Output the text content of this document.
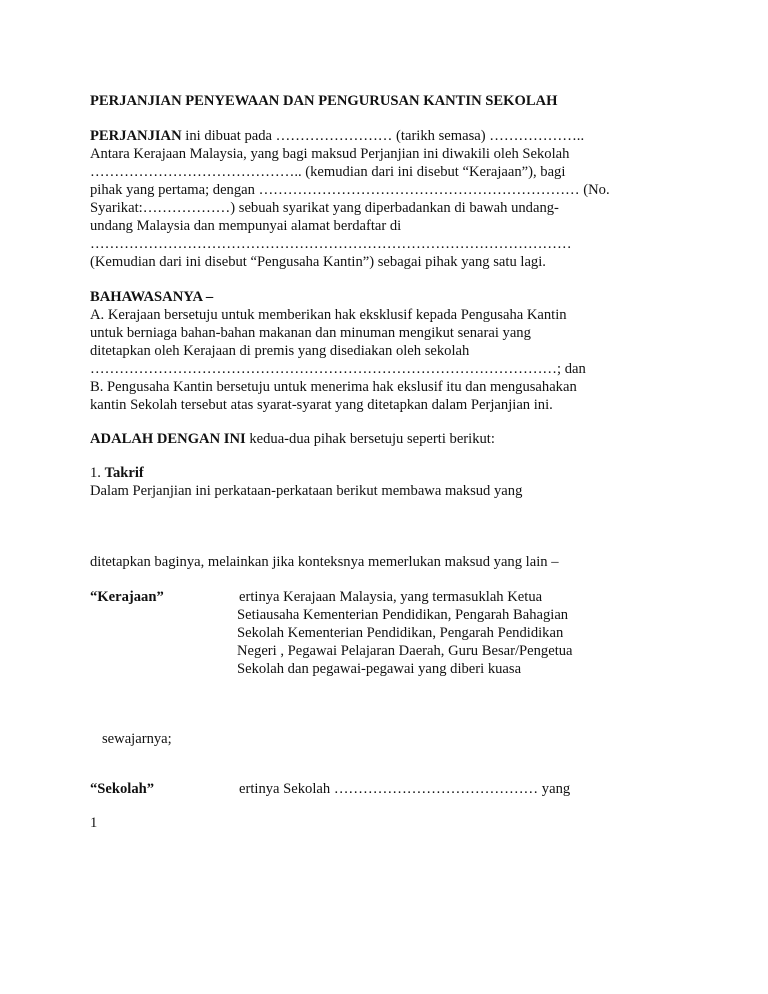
PERJANJIAN PENYEWAAN DAN PENGURUSAN KANTIN SEKOLAH
PERJANJIAN ini dibuat pada …………………… (tarikh semasa) ………………..
Antara Kerajaan Malaysia, yang bagi maksud Perjanjian ini diwakili oleh Sekolah
…………………………………….. (kemudian dari ini disebut “Kerajaan”), bagi
pihak yang pertama; dengan ………………………………………………………… (No.
Syarikat:………………) sebuah syarikat yang diperbadankan di bawah undang-
undang Malaysia dan mempunyai alamat berdaftar di
………………………………………………………………………………………
(Kemudian dari ini disebut “Pengusaha Kantin”) sebagai pihak yang satu lagi.
BAHAWASANYA –
A. Kerajaan bersetuju untuk memberikan hak eksklusif kepada Pengusaha Kantin
untuk berniaga bahan-bahan makanan dan minuman mengikut senarai yang
ditetapkan oleh Kerajaan di premis yang disediakan oleh sekolah
……………………………………………………………………………………; dan
B. Pengusaha Kantin bersetuju untuk menerima hak ekslusif itu dan mengusahakan
kantin Sekolah tersebut atas syarat-syarat yang ditetapkan dalam Perjanjian ini.
ADALAH DENGAN INI kedua-dua pihak bersetuju seperti berikut:
1. Takrif
Dalam Perjanjian ini perkataan-perkataan berikut membawa maksud yang
ditetapkan baginya, melainkan jika konteksnya memerlukan maksud yang lain –
“Kerajaan”	ertinya Kerajaan Malaysia, yang termasuklah Ketua
Setiausaha Kementerian Pendidikan, Pengarah Bahagian
Sekolah Kementerian Pendidikan, Pengarah Pendidikan
Negeri , Pegawai Pelajaran Daerah, Guru Besar/Pengetua
Sekolah dan pegawai-pegawai yang diberi kuasa
sewajarnya;
“Sekolah”	ertinya Sekolah …………………………………… yang
1
